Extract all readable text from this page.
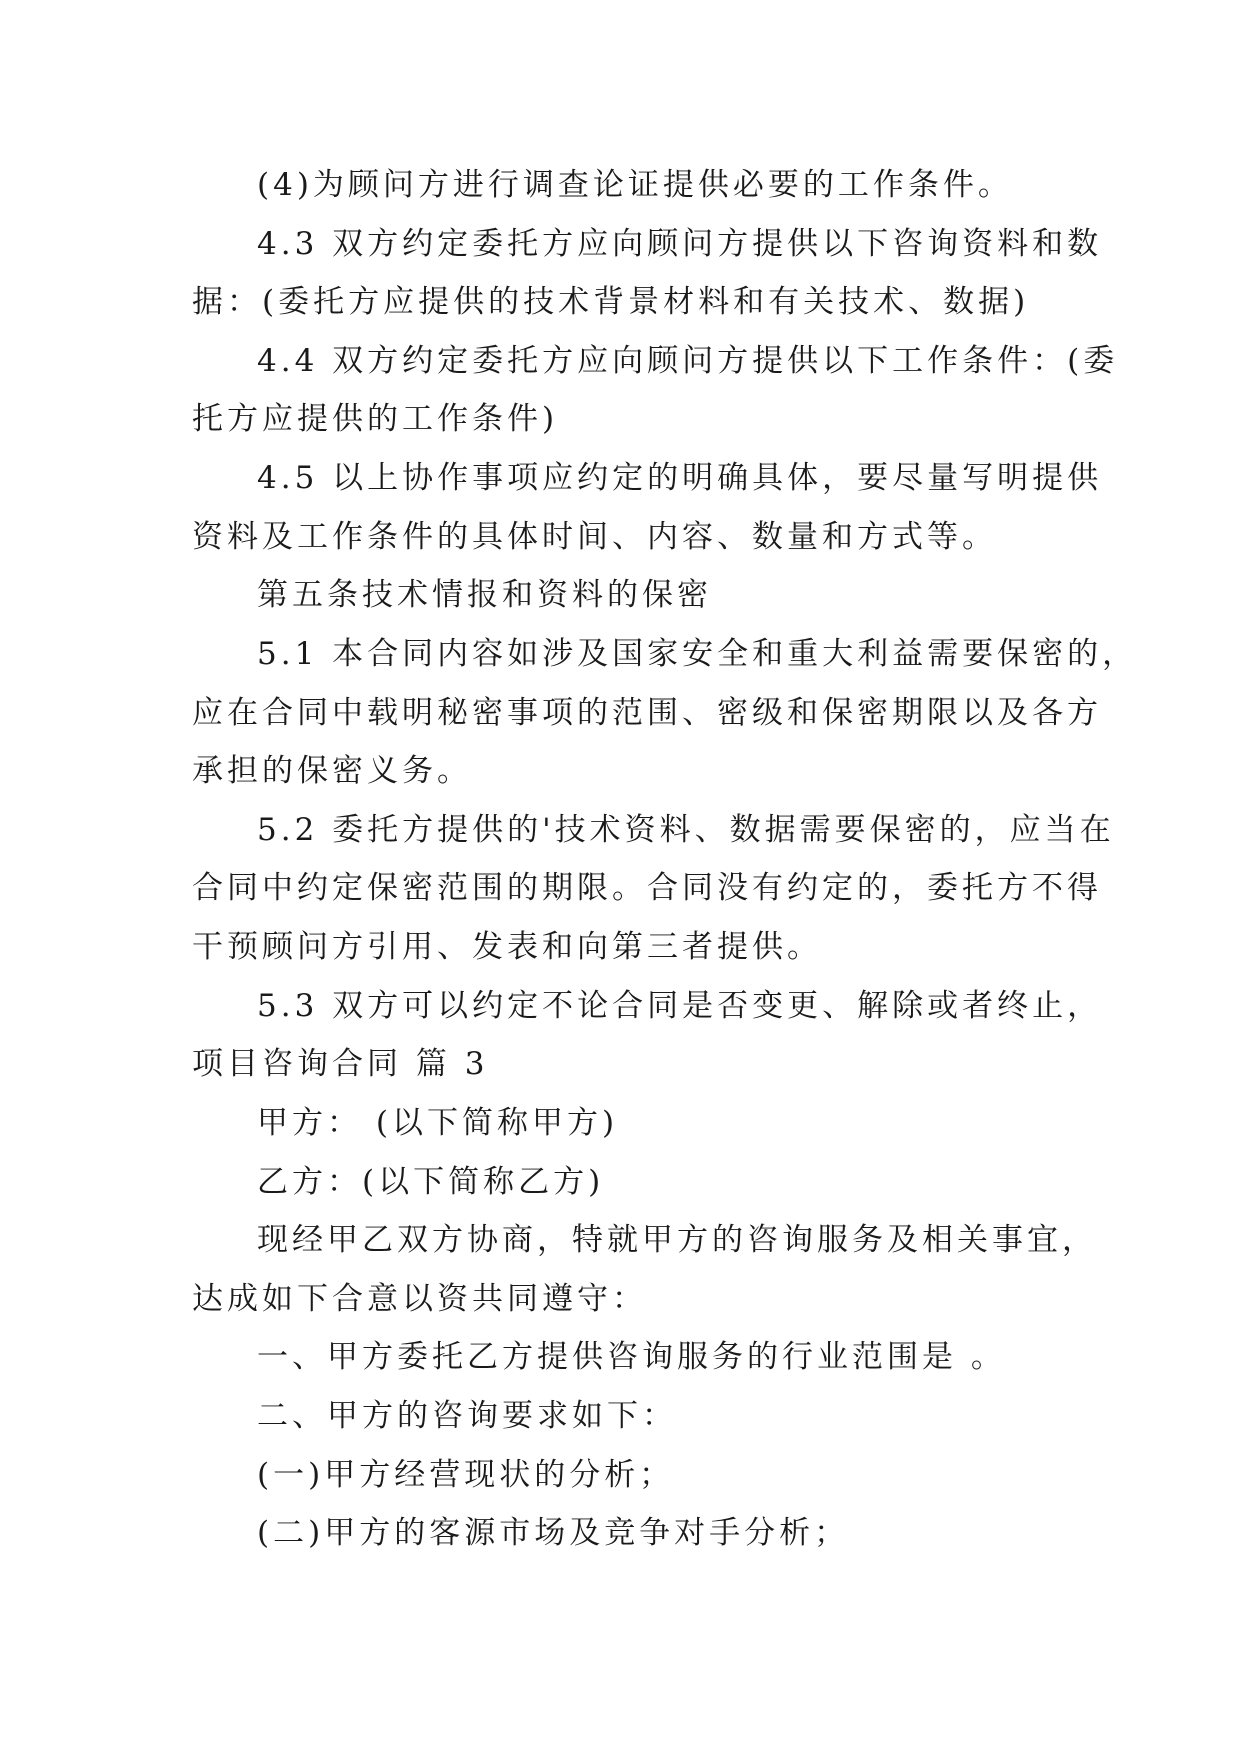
(4)为顾问方进行调查论证提供必要的工作条件。
4.3 双方约定委托方应向顾问方提供以下咨询资料和数
据：(委托方应提供的技术背景材料和有关技术、数据)
4.4 双方约定委托方应向顾问方提供以下工作条件：(委
托方应提供的工作条件)
4.5 以上协作事项应约定的明确具体，要尽量写明提供
资料及工作条件的具体时间、内容、数量和方式等。
第五条技术情报和资料的保密
5.1 本合同内容如涉及国家安全和重大利益需要保密的，
应在合同中载明秘密事项的范围、密级和保密期限以及各方
承担的保密义务。
5.2 委托方提供的'技术资料、数据需要保密的，应当在
合同中约定保密范围的期限。合同没有约定的，委托方不得
干预顾问方引用、发表和向第三者提供。
5.3 双方可以约定不论合同是否变更、解除或者终止，
项目咨询合同 篇 3
甲方： (以下简称甲方)
乙方：(以下简称乙方)
现经甲乙双方协商，特就甲方的咨询服务及相关事宜，
达成如下合意以资共同遵守：
一、甲方委托乙方提供咨询服务的行业范围是 。
二、甲方的咨询要求如下：
(一)甲方经营现状的分析；
(二)甲方的客源市场及竞争对手分析；
